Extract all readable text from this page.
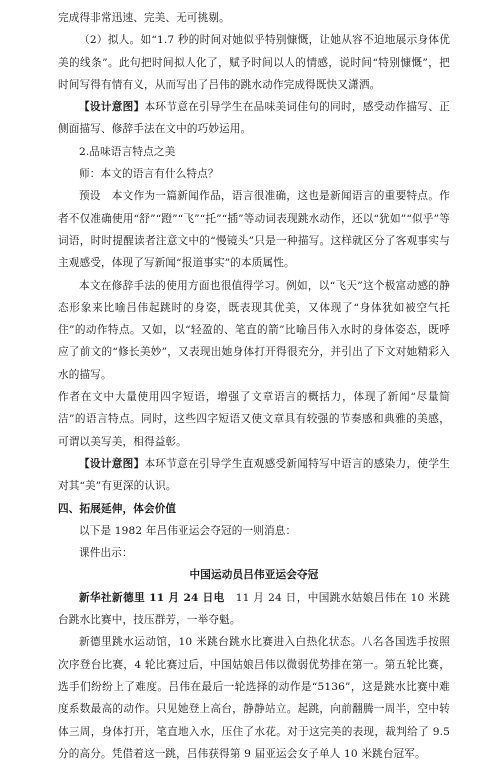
完成得非常迅速、完美、无可挑剔。

（2）拟人。如“1.7 秒的时间对她似乎特别慷慨，让她从容不迫地展示身体优美的线条”。此句把时间拟人化了，赋予时间以人的情感，说时间“特别慷慨”，把时间写得有情有义，从而写出了吕伟的跳水动作完成得既快又潇洒。

【设计意图】本环节意在引导学生在品味美词佳句的同时，感受动作描写、正侧面描写、修辞手法在文中的巧妙运用。

2.品味语言特点之美

师：本文的语言有什么特点？

预设　本文作为一篇新闻作品，语言很准确，这也是新闻语言的重要特点。作者不仅准确使用“舒”“蹬”“飞”“托”“插”等动词表现跳水动作，还以“犹如”“似乎”等词语，时时提醒读者注意文中的“慢镜头”只是一种描写。这样就区分了客观事实与主观感受，体现了写新闻“报道事实”的本质属性。

本文在修辞手法的使用方面也很值得学习。例如，以“飞天”这个极富动感的静态形象来比喻吕伟起跳时的身姿，既表现其优美，又体现了“身体犹如被空气托住”的动作特点。又如，以“轻盈的、笔直的箭”比喻吕伟入水时的身体姿态，既呼应了前文的“修长美妙”，又表现出她身体打开得很充分，并引出了下文对她精彩入水的描写。

作者在文中大量使用四字短语，增强了文章语言的概括力，体现了新闻“尽量简洁”的语言特点。同时，这些四字短语又使文章具有较强的节奏感和典雅的美感，可谓以美写美，相得益彰。

【设计意图】本环节意在引导学生直观感受新闻特写中语言的感染力，使学生对其“美”有更深的认识。

四、拓展延伸，体会价值

以下是 1982 年吕伟亚运会夺冠的一则消息：

课件出示：

中国运动员吕伟亚运会夺冠

新华社新德里 11 月 24 日电　11 月 24 日，中国跳水姑娘吕伟在 10 米跳台跳水比赛中，技压群芳，一举夺魁。

新德里跳水运动馆，10 米跳台跳水比赛进入白热化状态。八名各国选手按照次序登台比赛，4 轮比赛过后，中国姑娘吕伟以微弱优势排在第一。第五轮比赛，选手们纷纷上了难度。吕伟在最后一轮选择的动作是“5136”，这是跳水比赛中难度系数最高的动作。只见她登上高台，静静站立。起跳，向前翻腾一周半，空中转体三周，身体打开，笔直地入水，压住了水花。对于这完美的表现，裁判给了 9.5 分的高分。凭借着这一跳，吕伟获得第 9 届亚运会女子单人 10 米跳台冠军。
